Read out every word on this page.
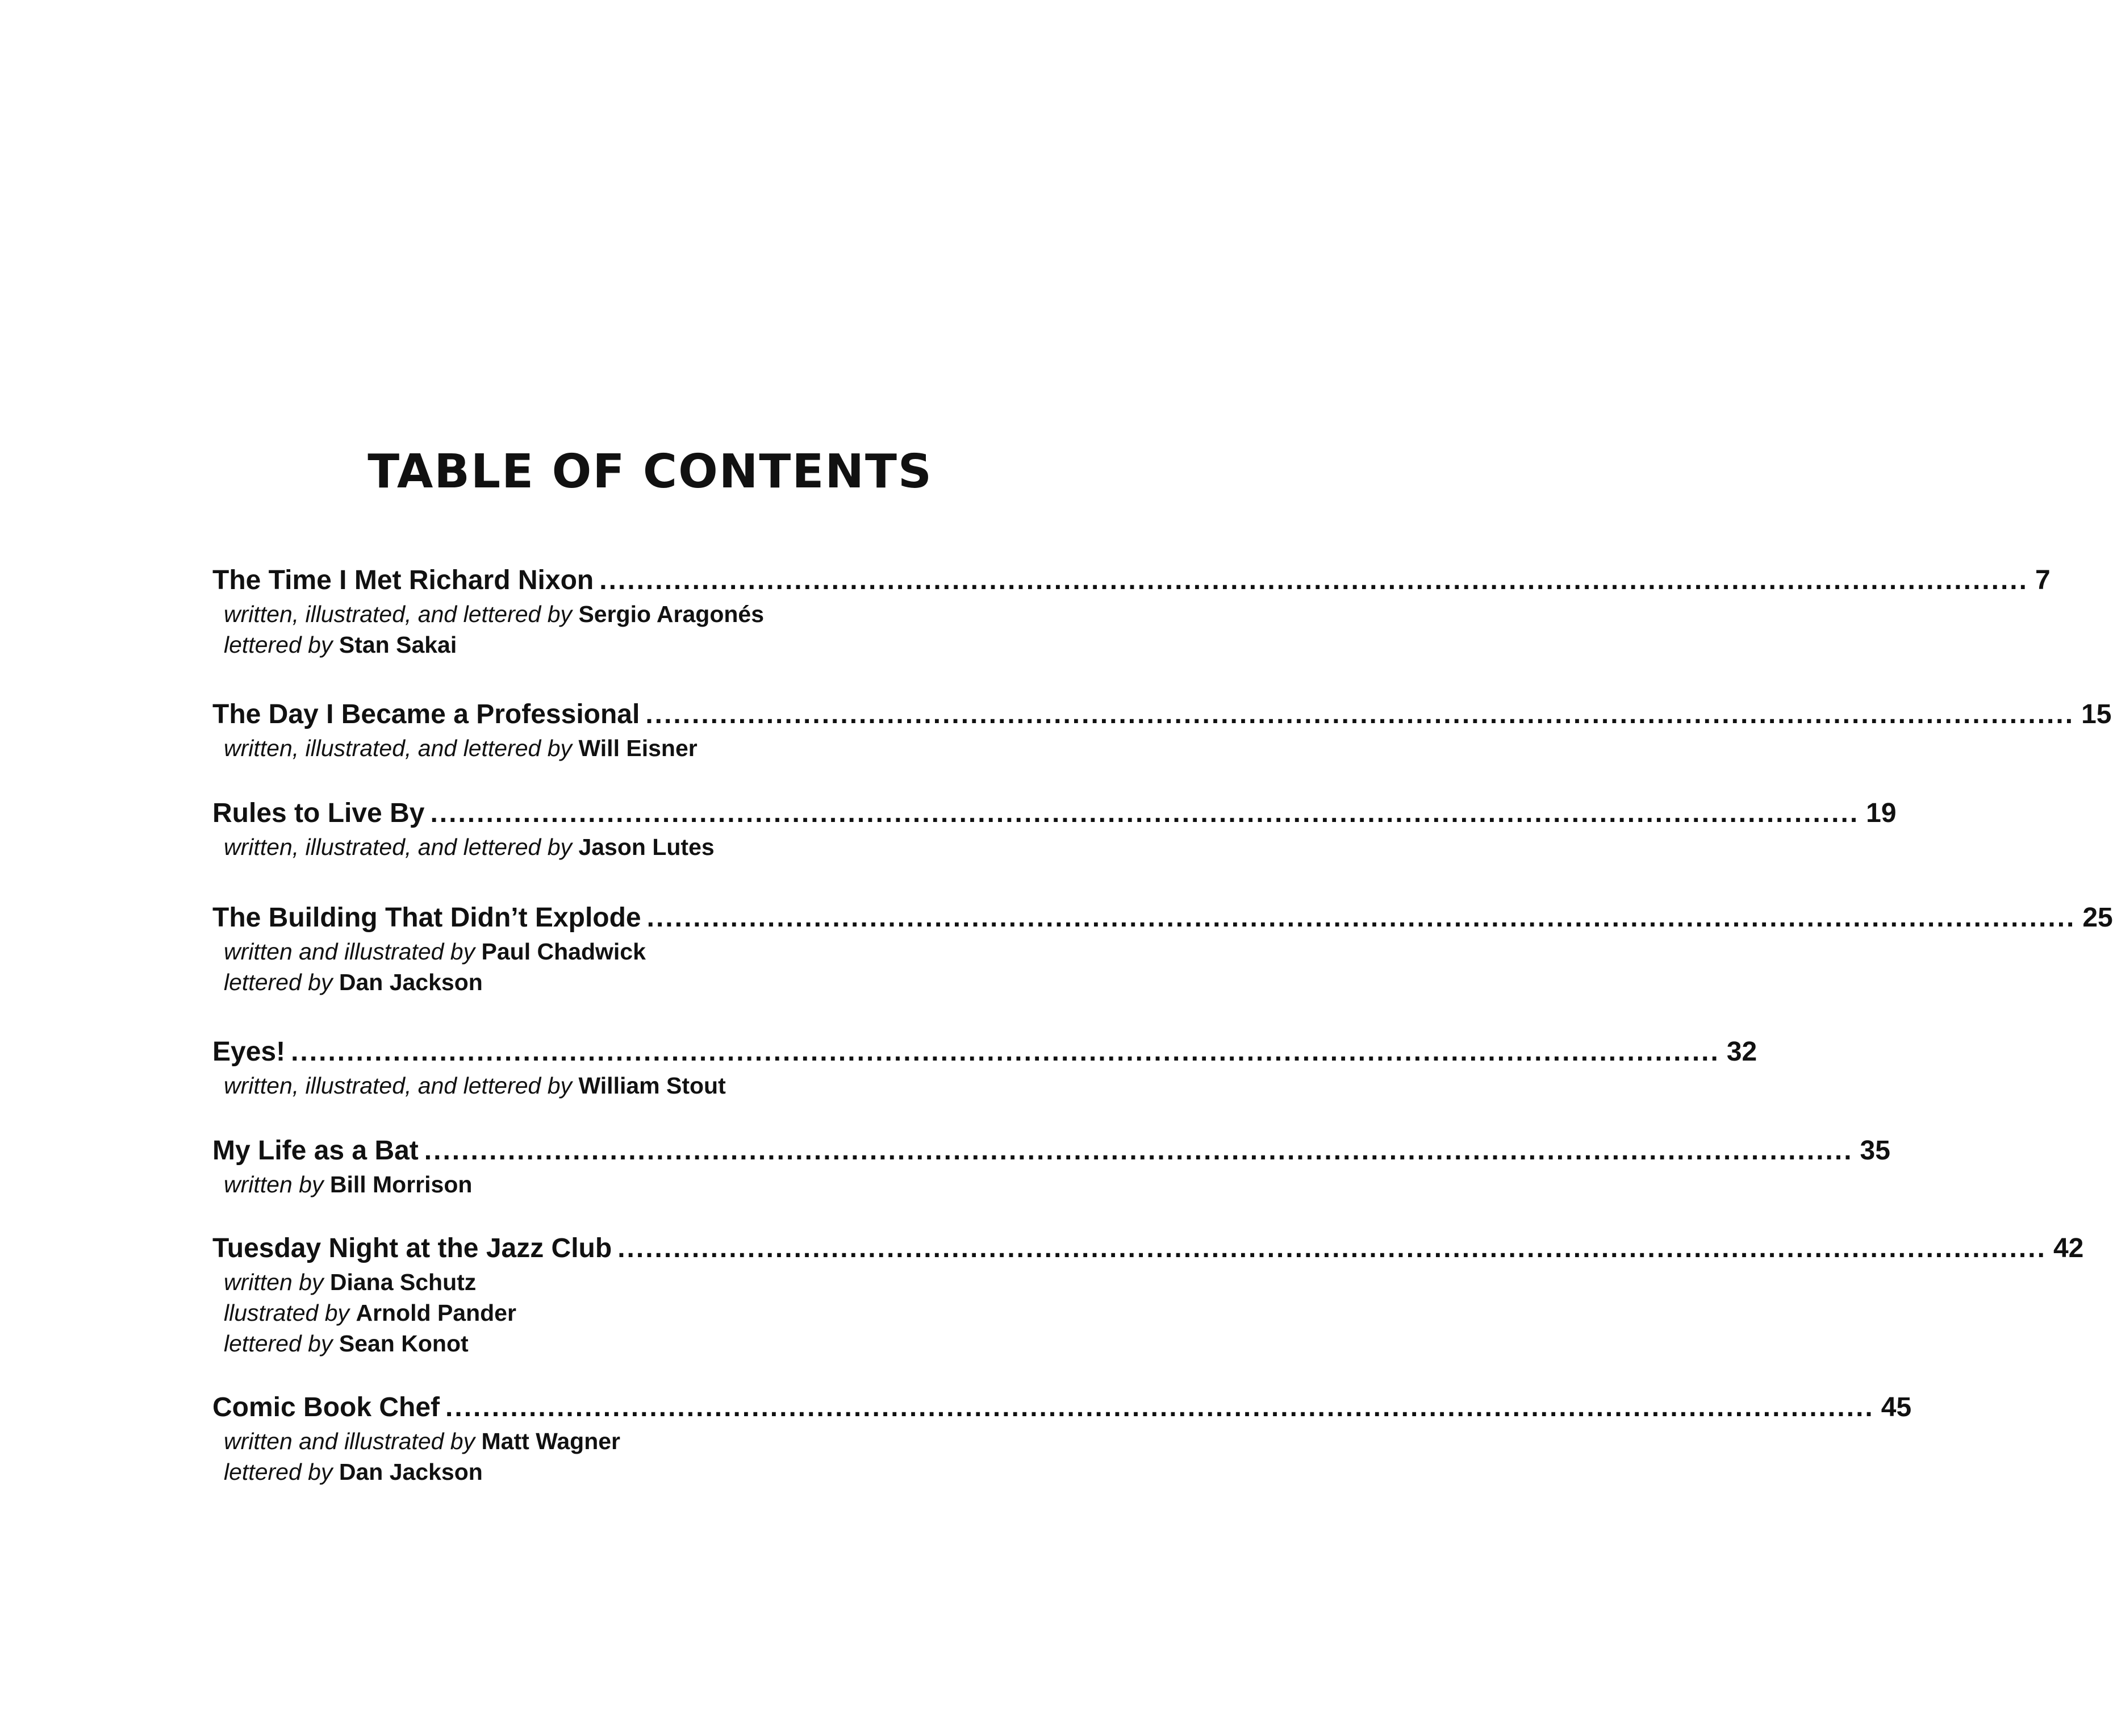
TABLE OF CONTENTS
The Time I Met Richard Nixon .......................................................................................................................................................... 7
written, illustrated, and lettered by Sergio Aragonés
lettered by Stan Sakai
The Day I Became a Professional .......................................................................................................................................................... 15
written, illustrated, and lettered by Will Eisner
Rules to Live By .......................................................................................................................................................... 19
written, illustrated, and lettered by Jason Lutes
The Building That Didn’t Explode .......................................................................................................................................................... 25
written and illustrated by Paul Chadwick
lettered by Dan Jackson
Eyes! .......................................................................................................................................................... 32
written, illustrated, and lettered by William Stout
My Life as a Bat .......................................................................................................................................................... 35
written by Bill Morrison
Tuesday Night at the Jazz Club .......................................................................................................................................................... 42
written by Diana Schutz
llustrated by Arnold Pander
lettered by Sean Konot
Comic Book Chef .......................................................................................................................................................... 45
written and illustrated by Matt Wagner
lettered by Dan Jackson
